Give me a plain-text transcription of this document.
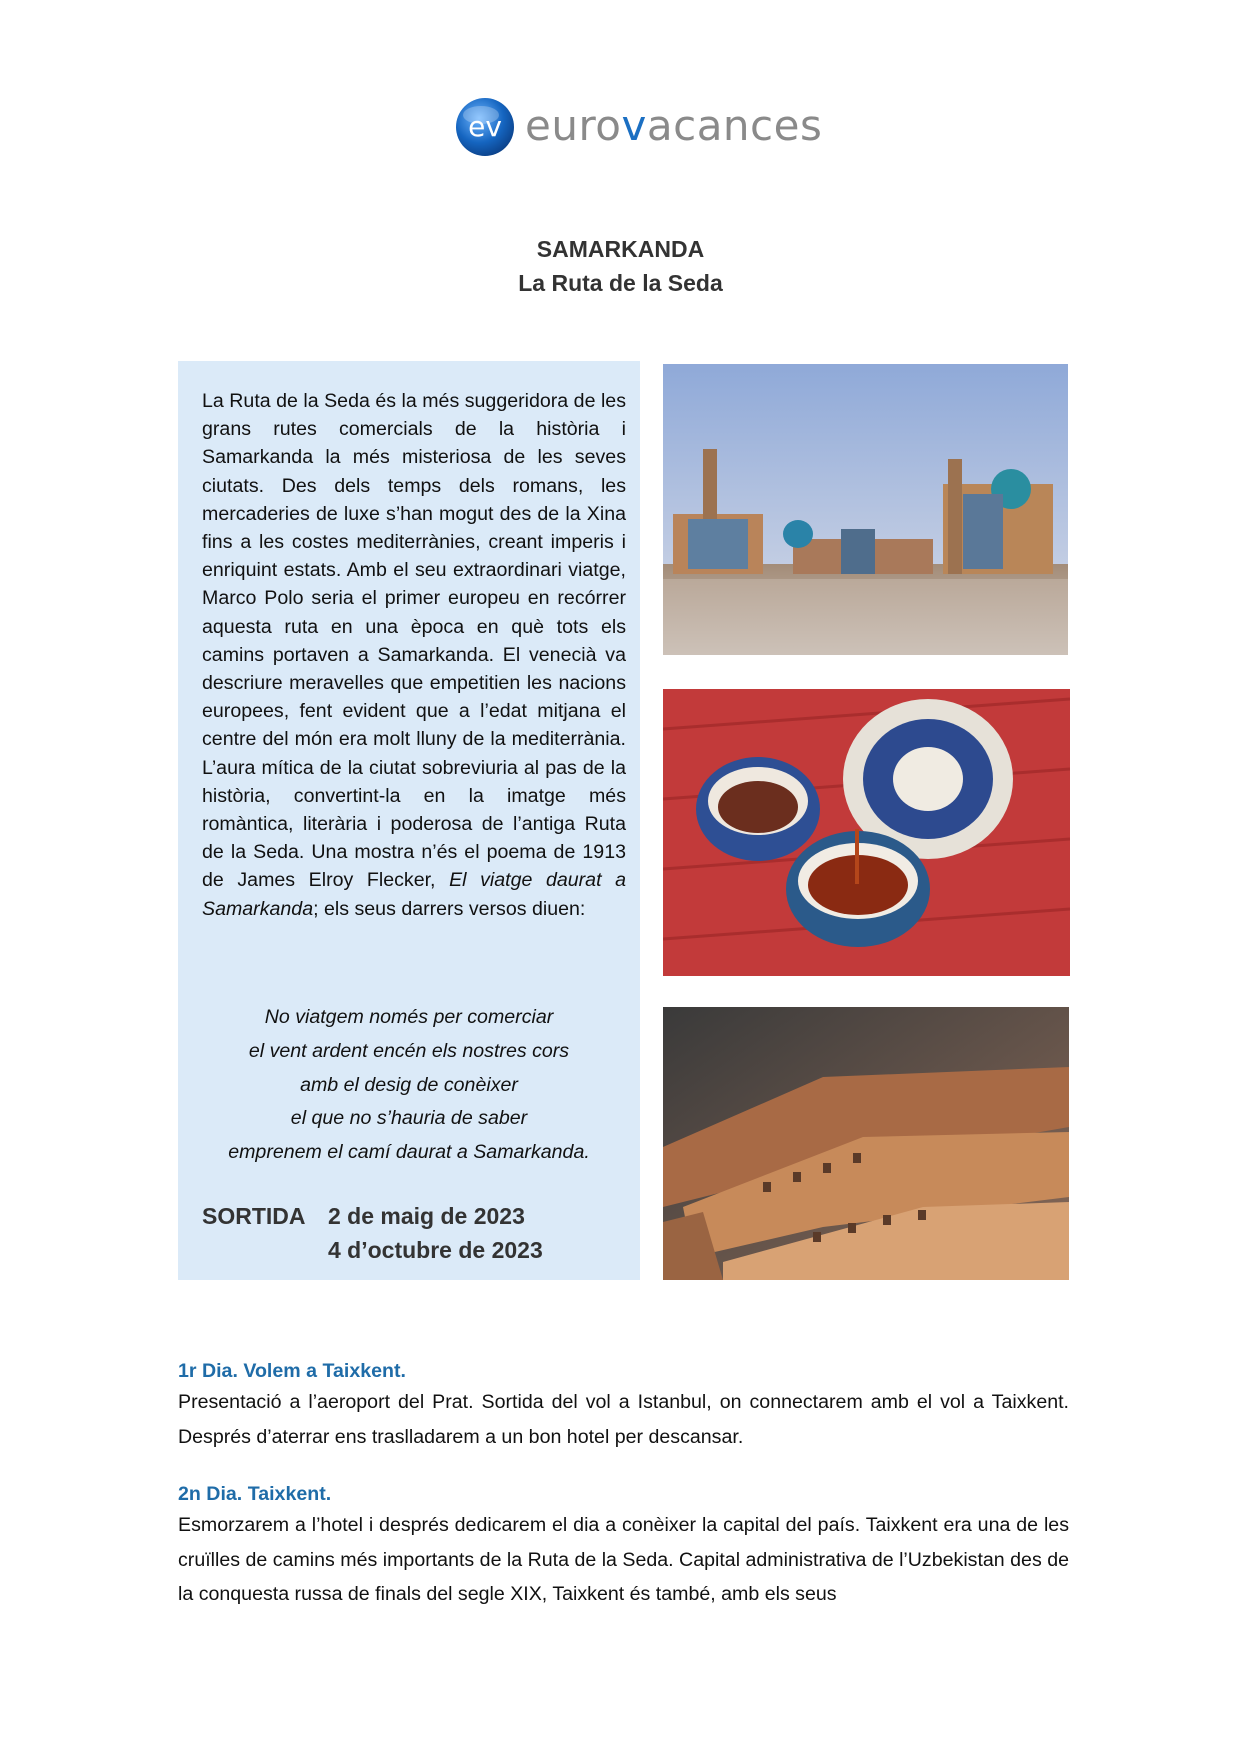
ev eurovacances
SAMARKANDA
La Ruta de la Seda
La Ruta de la Seda és la més suggeridora de les grans rutes comercials de la història i Samarkanda la més misteriosa de les seves ciutats. Des dels temps dels romans, les mercaderies de luxe s’han mogut des de la Xina fins a les costes mediterrànies, creant imperis i enriquint estats. Amb el seu extraordinari viatge, Marco Polo seria el primer europeu en recórrer aquesta ruta en una època en què tots els camins portaven a Samarkanda. El venecià va descriure meravelles que empetitien les nacions europees, fent evident que a l’edat mitjana el centre del món era molt lluny de la mediterrània. L’aura mítica de la ciutat sobreviuria al pas de la història, convertint-la en la imatge més romàntica, literària i poderosa de l’antiga Ruta de la Seda. Una mostra n’és el poema de 1913 de James Elroy Flecker, El viatge daurat a Samarkanda; els seus darrers versos diuen:
No viatgem només per comerciar
el vent ardent encén els nostres cors
amb el desig de conèixer
el que no s’hauria de saber
emprenem el camí daurat a Samarkanda.
SORTIDA 2 de maig de 2023
4 d’octubre de 2023
1r Dia. Volem a Taixkent.
Presentació a l’aeroport del Prat. Sortida del vol a Istanbul, on connectarem amb el vol a Taixkent. Després d’aterrar ens traslladarem a un bon hotel per descansar.
2n Dia. Taixkent.
Esmorzarem a l’hotel i després dedicarem el dia a conèixer la capital del país. Taixkent era una de les cruïlles de camins més importants de la Ruta de la Seda. Capital administrativa de l’Uzbekistan des de la conquesta russa de finals del segle XIX, Taixkent és també, amb els seus
